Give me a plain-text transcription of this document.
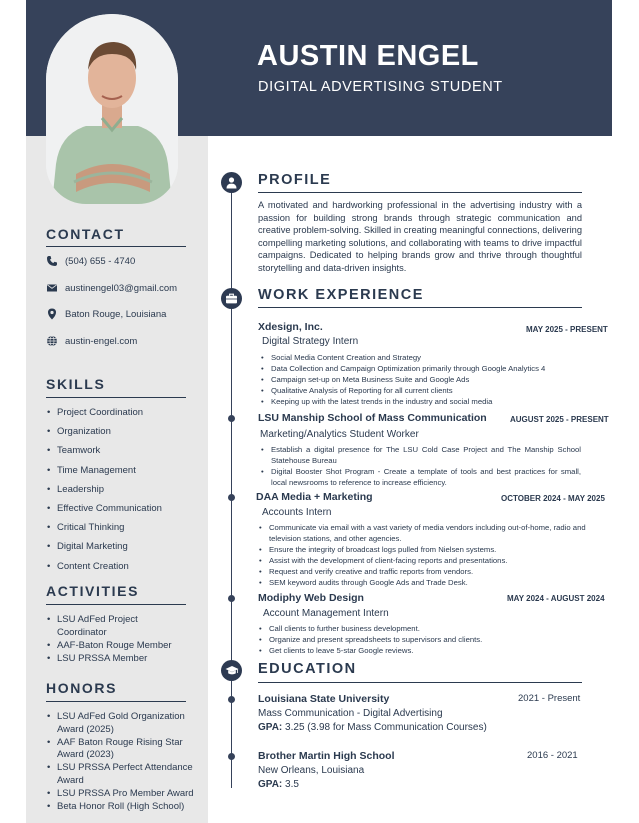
AUSTIN ENGEL
DIGITAL ADVERTISING STUDENT
CONTACT
(504) 655 - 4740
austinengel03@gmail.com
Baton Rouge, Louisiana
austin-engel.com
SKILLS
• Project Coordination
• Organization
• Teamwork
• Time Management
• Leadership
• Effective Communication
• Critical Thinking
• Digital Marketing
• Content Creation
ACTIVITIES
• LSU AdFed Project Coordinator
• AAF-Baton Rouge Member
• LSU PRSSA Member
HONORS
• LSU AdFed Gold Organization Award (2025)
• AAF Baton Rouge Rising Star Award (2023)
• LSU PRSSA Perfect Attendance Award
• LSU PRSSA Pro Member Award
• Beta Honor Roll (High School)
PROFILE
A motivated and hardworking professional in the advertising industry with a passion for building strong brands through strategic communication and creative problem-solving. Skilled in creating meaningful connections, delivering compelling marketing solutions, and collaborating with teams to drive impactful campaigns. Dedicated to helping brands grow and thrive through thoughtful storytelling and data-driven insights.
WORK EXPERIENCE
Xdesign, Inc.	MAY 2025 - PRESENT
Digital Strategy Intern
• Social Media Content Creation and Strategy
• Data Collection and Campaign Optimization primarily through Google Analytics 4
• Campaign set-up on Meta Business Suite and Google Ads
• Qualitative Analysis of Reporting for all current clients
• Keeping up with the latest trends in the industry and social media
LSU Manship School of Mass Communication	AUGUST 2025 - PRESENT
Marketing/Analytics Student Worker
• Establish a digital presence for The LSU Cold Case Project and The Manship School Statehouse Bureau
• Digital Booster Shot Program - Create a template of tools and best practices for small, local newsrooms to reference to increase efficiency.
DAA Media + Marketing	OCTOBER 2024 - MAY 2025
Accounts Intern
• Communicate via email with a vast variety of media vendors including out-of-home, radio and television stations, and other agencies.
• Ensure the integrity of broadcast logs pulled from Nielsen systems.
• Assist with the development of client-facing reports and presentations.
• Request and verify creative and traffic reports from vendors.
• SEM keyword audits through Google Ads and Trade Desk.
Modiphy Web Design	MAY 2024 - AUGUST 2024
Account Management Intern
• Call clients to further business development.
• Organize and present spreadsheets to supervisors and clients.
• Get clients to leave 5-star Google reviews.
EDUCATION
Louisiana State University	2021 - Present
Mass Communication - Digital Advertising
GPA: 3.25 (3.98 for Mass Communication Courses)
Brother Martin High School	2016 - 2021
New Orleans, Louisiana
GPA: 3.5
